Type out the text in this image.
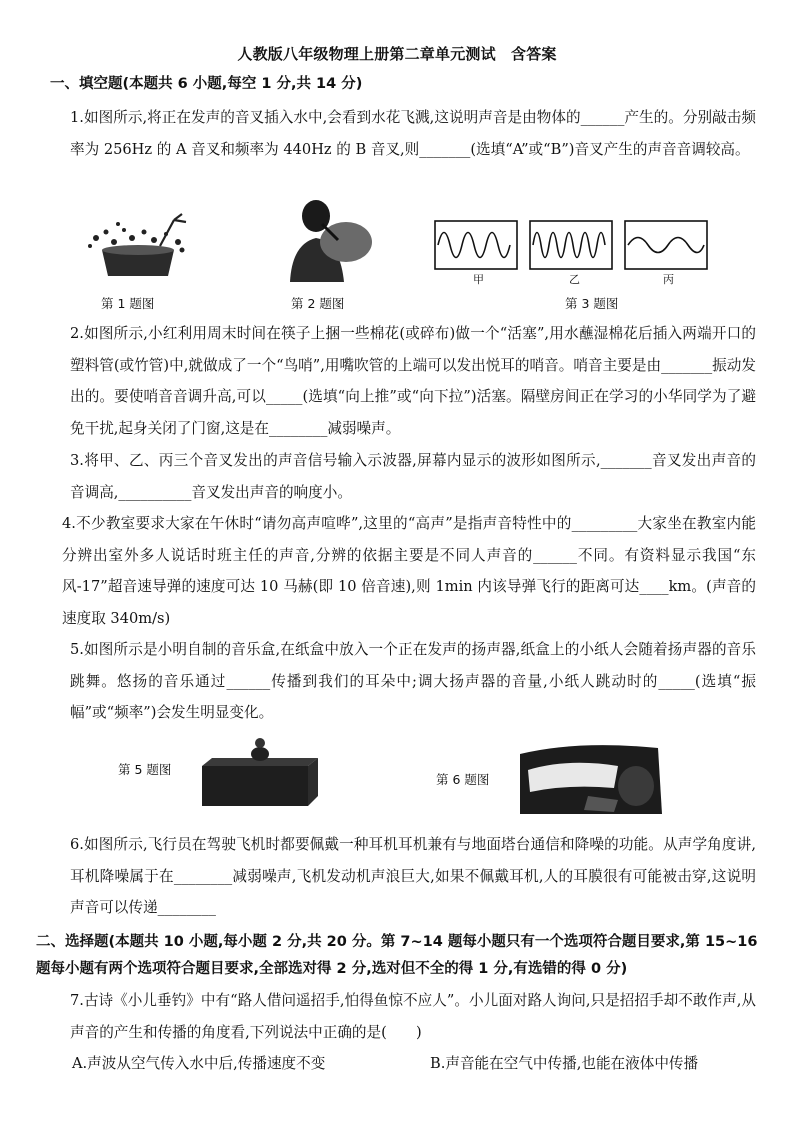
人教版八年级物理上册第二章单元测试　含答案
一、填空题(本题共 6 小题,每空 1 分,共 14 分)
1.如图所示,将正在发声的音叉插入水中,会看到水花飞溅,这说明声音是由物体的______产生的。分别敲击频率为 256Hz 的 A 音叉和频率为 440Hz 的 B 音叉,则_______(选填“A”或“B”)音叉产生的声音音调较高。
第 1 题图	第 2 题图
甲	乙	丙
第 3 题图
2.如图所示,小红利用周末时间在筷子上捆一些棉花(或碎布)做一个“活塞”,用水蘸湿棉花后插入两端开口的塑料管(或竹管)中,就做成了一个“鸟哨”,用嘴吹管的上端可以发出悦耳的哨音。哨音主要是由_______振动发出的。要使哨音音调升高,可以_____(选填“向上推”或“向下拉”)活塞。隔壁房间正在学习的小华同学为了避免干扰,起身关闭了门窗,这是在________减弱噪声。
3.将甲、乙、丙三个音叉发出的声音信号输入示波器,屏幕内显示的波形如图所示,_______音叉发出声音的音调高,__________音叉发出声音的响度小。
4.不少教室要求大家在午休时“请勿高声喧哗”,这里的“高声”是指声音特性中的_________大家坐在教室内能分辨出室外多人说话时班主任的声音,分辨的依据主要是不同人声音的______不同。有资料显示我国“东风-17”超音速导弹的速度可达 10 马赫(即 10 倍音速),则 1min 内该导弹飞行的距离可达____km。(声音的速度取 340m/s)
5.如图所示是小明自制的音乐盒,在纸盒中放入一个正在发声的扬声器,纸盒上的小纸人会随着扬声器的音乐跳舞。悠扬的音乐通过______传播到我们的耳朵中;调大扬声器的音量,小纸人跳动时的_____(选填“振幅”或“频率”)会发生明显变化。
第 5 题图
第 6 题图
6.如图所示,飞行员在驾驶飞机时都要佩戴一种耳机耳机兼有与地面塔台通信和降噪的功能。从声学角度讲,耳机降噪属于在________减弱噪声,飞机发动机声浪巨大,如果不佩戴耳机,人的耳膜很有可能被击穿,这说明声音可以传递________
二、选择题(本题共 10 小题,每小题 2 分,共 20 分。第 7~14 题每小题只有一个选项符合题目要求,第 15~16 题每小题有两个选项符合题目要求,全部选对得 2 分,选对但不全的得 1 分,有选错的得 0 分)
7.古诗《小儿垂钓》中有“路人借问遥招手,怕得鱼惊不应人”。小儿面对路人询问,只是招招手却不敢作声,从声音的产生和传播的角度看,下列说法中正确的是(　　)
A.声波从空气传入水中后,传播速度不变	B.声音能在空气中传播,也能在液体中传播
